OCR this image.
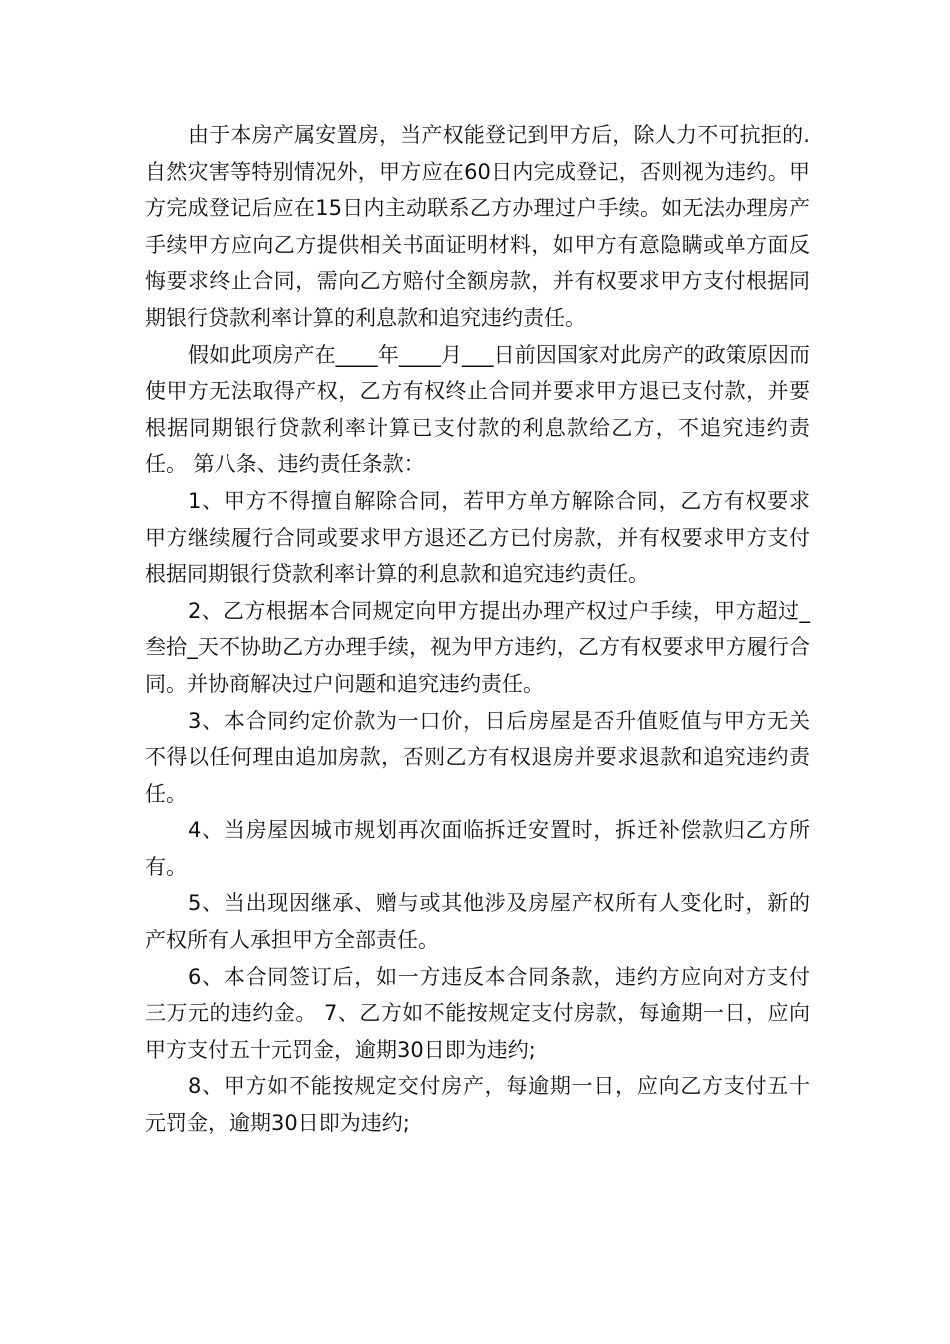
由于本房产属安置房，当产权能登记到甲方后，除人力不可抗拒的.自然灾害等特别情况外，甲方应在60日内完成登记，否则视为违约。甲方完成登记后应在15日内主动联系乙方办理过户手续。如无法办理房产手续甲方应向乙方提供相关书面证明材料，如甲方有意隐瞒或单方面反悔要求终止合同，需向乙方赔付全额房款，并有权要求甲方支付根据同期银行贷款利率计算的利息款和追究违约责任。

假如此项房产在____年____月___日前因国家对此房产的政策原因而使甲方无法取得产权，乙方有权终止合同并要求甲方退已支付款，并要根据同期银行贷款利率计算已支付款的利息款给乙方，不追究违约责任。 第八条、违约责任条款：

1、甲方不得擅自解除合同，若甲方单方解除合同，乙方有权要求甲方继续履行合同或要求甲方退还乙方已付房款，并有权要求甲方支付根据同期银行贷款利率计算的利息款和追究违约责任。

2、乙方根据本合同规定向甲方提出办理产权过户手续，甲方超过_叁拾_天不协助乙方办理手续，视为甲方违约，乙方有权要求甲方履行合同。并协商解决过户问题和追究违约责任。

3、本合同约定价款为一口价，日后房屋是否升值贬值与甲方无关不得以任何理由追加房款，否则乙方有权退房并要求退款和追究违约责任。

4、当房屋因城市规划再次面临拆迁安置时，拆迁补偿款归乙方所有。

5、当出现因继承、赠与或其他涉及房屋产权所有人变化时，新的产权所有人承担甲方全部责任。

6、本合同签订后，如一方违反本合同条款，违约方应向对方支付三万元的违约金。 7、乙方如不能按规定支付房款，每逾期一日，应向甲方支付五十元罚金，逾期30日即为违约;

8、甲方如不能按规定交付房产，每逾期一日，应向乙方支付五十元罚金，逾期30日即为违约;
